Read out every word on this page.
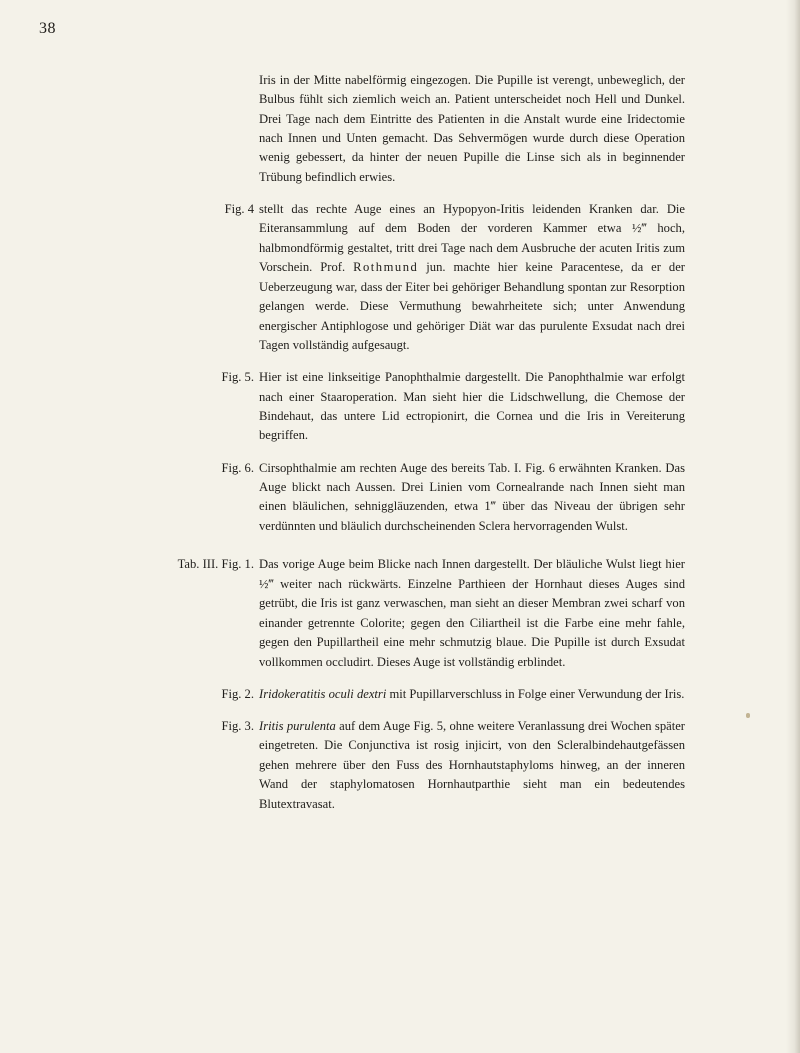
38

Iris in der Mitte nabelförmig eingezogen. Die Pupille ist verengt, unbeweglich, der Bulbus fühlt sich ziemlich weich an. Patient unterscheidet noch Hell und Dunkel. Drei Tage nach dem Eintritte des Patienten in die Anstalt wurde eine Iridectomie nach Innen und Unten gemacht. Das Sehvermögen wurde durch diese Operation wenig gebessert, da hinter der neuen Pupille die Linse sich als in beginnender Trübung befindlich erwies.

Fig. 4 stellt das rechte Auge eines an Hypopyon-Iritis leidenden Kranken dar. Die Eiteransammlung auf dem Boden der vorderen Kammer etwa ½‴ hoch, halbmondförmig gestaltet, tritt drei Tage nach dem Ausbruche der acuten Iritis zum Vorschein. Prof. Rothmund jun. machte hier keine Paracentese, da er der Ueberzeugung war, dass der Eiter bei gehöriger Behandlung spontan zur Resorption gelangen werde. Diese Vermuthung bewahrheitete sich; unter Anwendung energischer Antiphlogose und gehöriger Diät war das purulente Exsudat nach drei Tagen vollständig aufgesaugt.

Fig. 5. Hier ist eine linkseitige Panophthalmie dargestellt. Die Panophthalmie war erfolgt nach einer Staaroperation. Man sieht hier die Lidschwellung, die Chemose der Bindehaut, das untere Lid ectropionirt, die Cornea und die Iris in Vereiterung begriffen.

Fig. 6. Cirsophthalmie am rechten Auge des bereits Tab. I. Fig. 6 erwähnten Kranken. Das Auge blickt nach Aussen. Drei Linien vom Cornealrande nach Innen sieht man einen bläulichen, sehniggläuzenden, etwa 1‴ über das Niveau der übrigen sehr verdünnten und bläulich durchscheinenden Sclera hervorragenden Wulst.

Tab. III. Fig. 1. Das vorige Auge beim Blicke nach Innen dargestellt. Der bläuliche Wulst liegt hier ½‴ weiter nach rückwärts. Einzelne Parthieen der Hornhaut dieses Auges sind getrübt, die Iris ist ganz verwaschen, man sieht an dieser Membran zwei scharf von einander getrennte Colorite; gegen den Ciliartheil ist die Farbe eine mehr fahle, gegen den Pupillartheil eine mehr schmutzig blaue. Die Pupille ist durch Exsudat vollkommen occludirt. Dieses Auge ist vollständig erblindet.

Fig. 2. Iridokeratitis oculi dextri mit Pupillarverschluss in Folge einer Verwundung der Iris.

Fig. 3. Iritis purulenta auf dem Auge Fig. 5, ohne weitere Veranlassung drei Wochen später eingetreten. Die Conjunctiva ist rosig injicirt, von den Scleralbindehautgefässen gehen mehrere über den Fuss des Hornhautstaphyloms hinweg, an der inneren Wand der staphylomatosen Hornhautparthie sieht man ein bedeutendes Blutextravasat.
